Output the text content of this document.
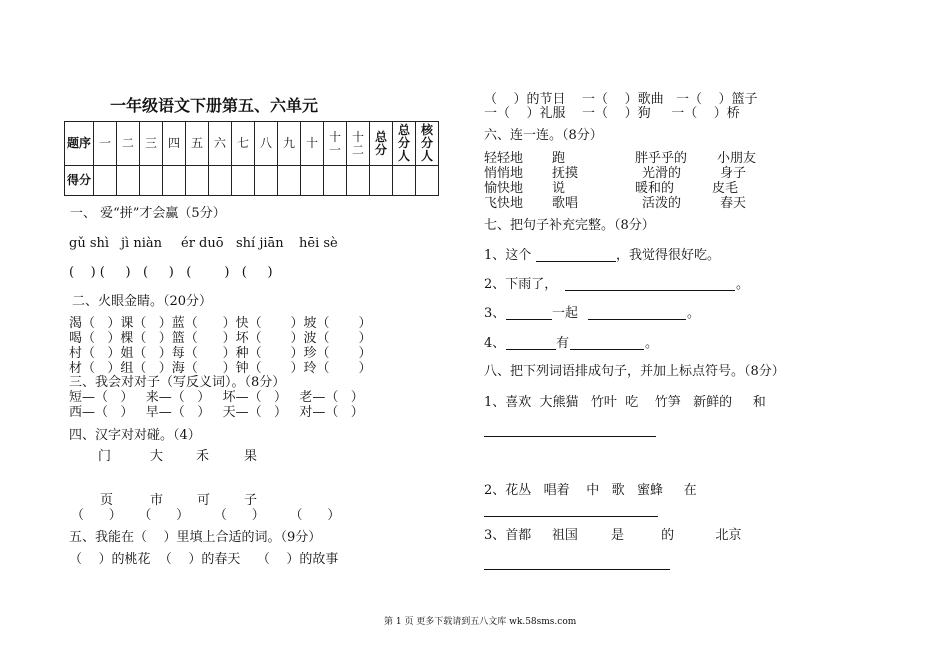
一年级语文下册第五、六单元
题序	一	二	三	四	五	六	七	八	九	十	十一	十二	总分	总分人	核分人
得分															
一、 爱“拼”才会赢（5分）
gǔ shì jì niàn ér duō shí jiān hēi sè
(    ) (     )   (     )   (        )   (     )
二、火眼金睛。（20分）
渴（   ）课（   ）蓝（      ）快（       ）坡（       ）
喝（   ）棵（   ）篮（      ）坏（       ）波（       ）
村（   ）姐（   ）每（      ）种（       ）珍（       ）
材（   ）组（   ）海（      ）钟（       ）玲（       ）
三、我会对对子（写反义词）。（8分）
短—（   ）   来—（   ）   坏—（   ）   老—（   ）
西—（   ）   早—（   ）   天—（   ）   对—（   ）
四、汉字对对碰。（4）
门	大	禾	果
页	市	可	子
（      ）    （      ）      （      ）      （      ）
五、我能在（    ）里填上合适的词。（9分）
（    ）的桃花  （    ）的春天    （    ）的故事
（    ）的节日    一（    ）歌曲   一（    ）篮子
一（    ）礼服    一（    ）狗     一（    ）桥
六、连一连。（8分）
轻轻地 跑	胖乎乎的 小朋友
悄悄地 抚摸	光滑的	身子
愉快地 说	暖和的	皮毛
飞快地 歌唱	活泼的	春天
七、把句子补充完整。（8分）
1、这个	，我觉得很好吃。
2、下雨了，	。
3、	一起	。
4、	有	。
八、把下列词语排成句子，并加上标点符号。（8分）
1、喜欢  大熊猫   竹叶  吃    竹笋   新鲜的     和
2、花丛   唱着    中   歌   蜜蜂     在
3、首都     祖国        是         的          北京
第 1 页 更多下载请到五八文库 wk.58sms.com
